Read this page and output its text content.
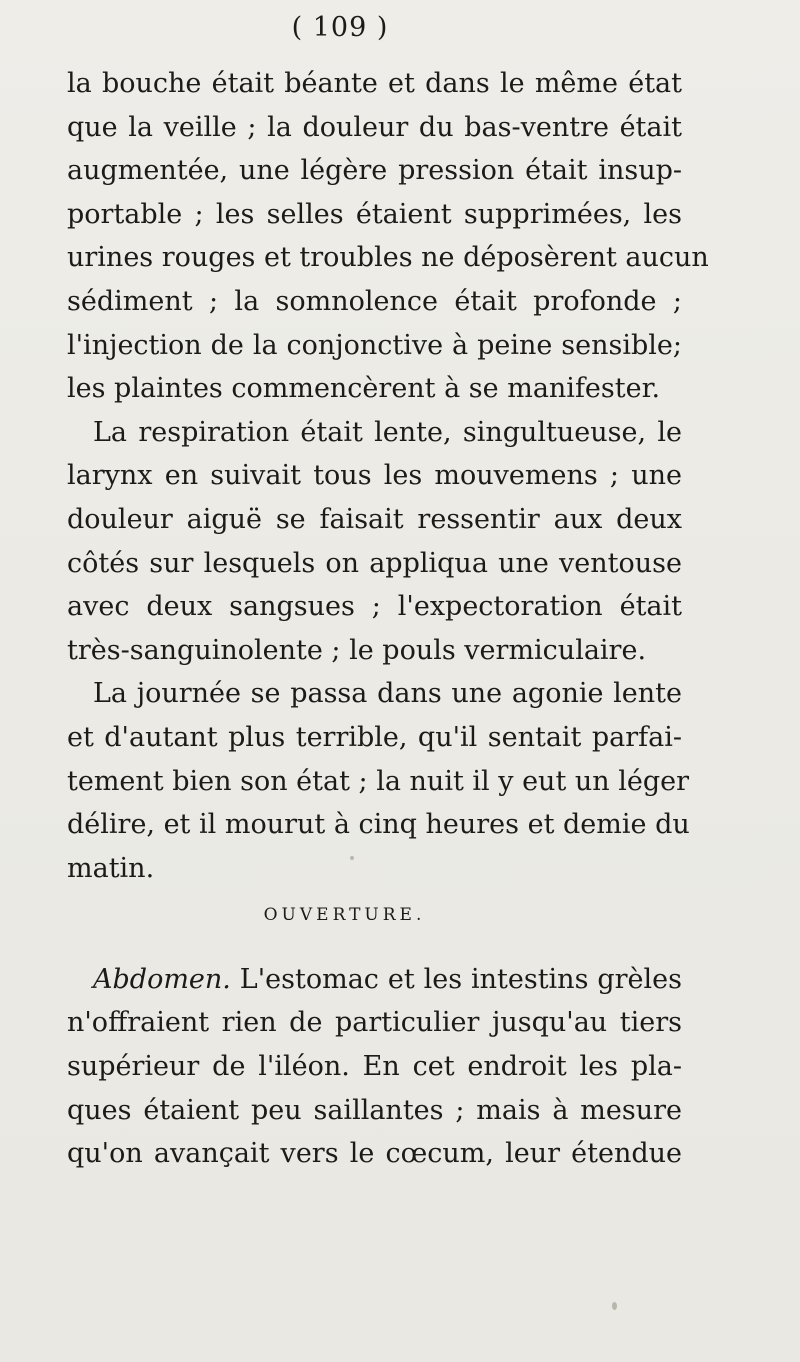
( 109 )
la bouche était béante et dans le même état
que la veille ; la douleur du bas-ventre était
augmentée, une légère pression était insup-
portable ; les selles étaient supprimées, les
urines rouges et troubles ne déposèrent aucun
sédiment ; la somnolence était profonde ;
l'injection de la conjonctive à peine sensible;
les plaintes commencèrent à se manifester.
La respiration était lente, singultueuse, le
larynx en suivait tous les mouvemens ; une
douleur aiguë se faisait ressentir aux deux
côtés sur lesquels on appliqua une ventouse
avec deux sangsues ; l'expectoration était
très-sanguinolente ; le pouls vermiculaire.
La journée se passa dans une agonie lente
et d'autant plus terrible, qu'il sentait parfai-
tement bien son état ; la nuit il y eut un léger
délire, et il mourut à cinq heures et demie du
matin.
OUVERTURE.
Abdomen. L'estomac et les intestins grèles
n'offraient rien de particulier jusqu'au tiers
supérieur de l'iléon. En cet endroit les pla-
ques étaient peu saillantes ; mais à mesure
qu'on avançait vers le cœcum, leur étendue
